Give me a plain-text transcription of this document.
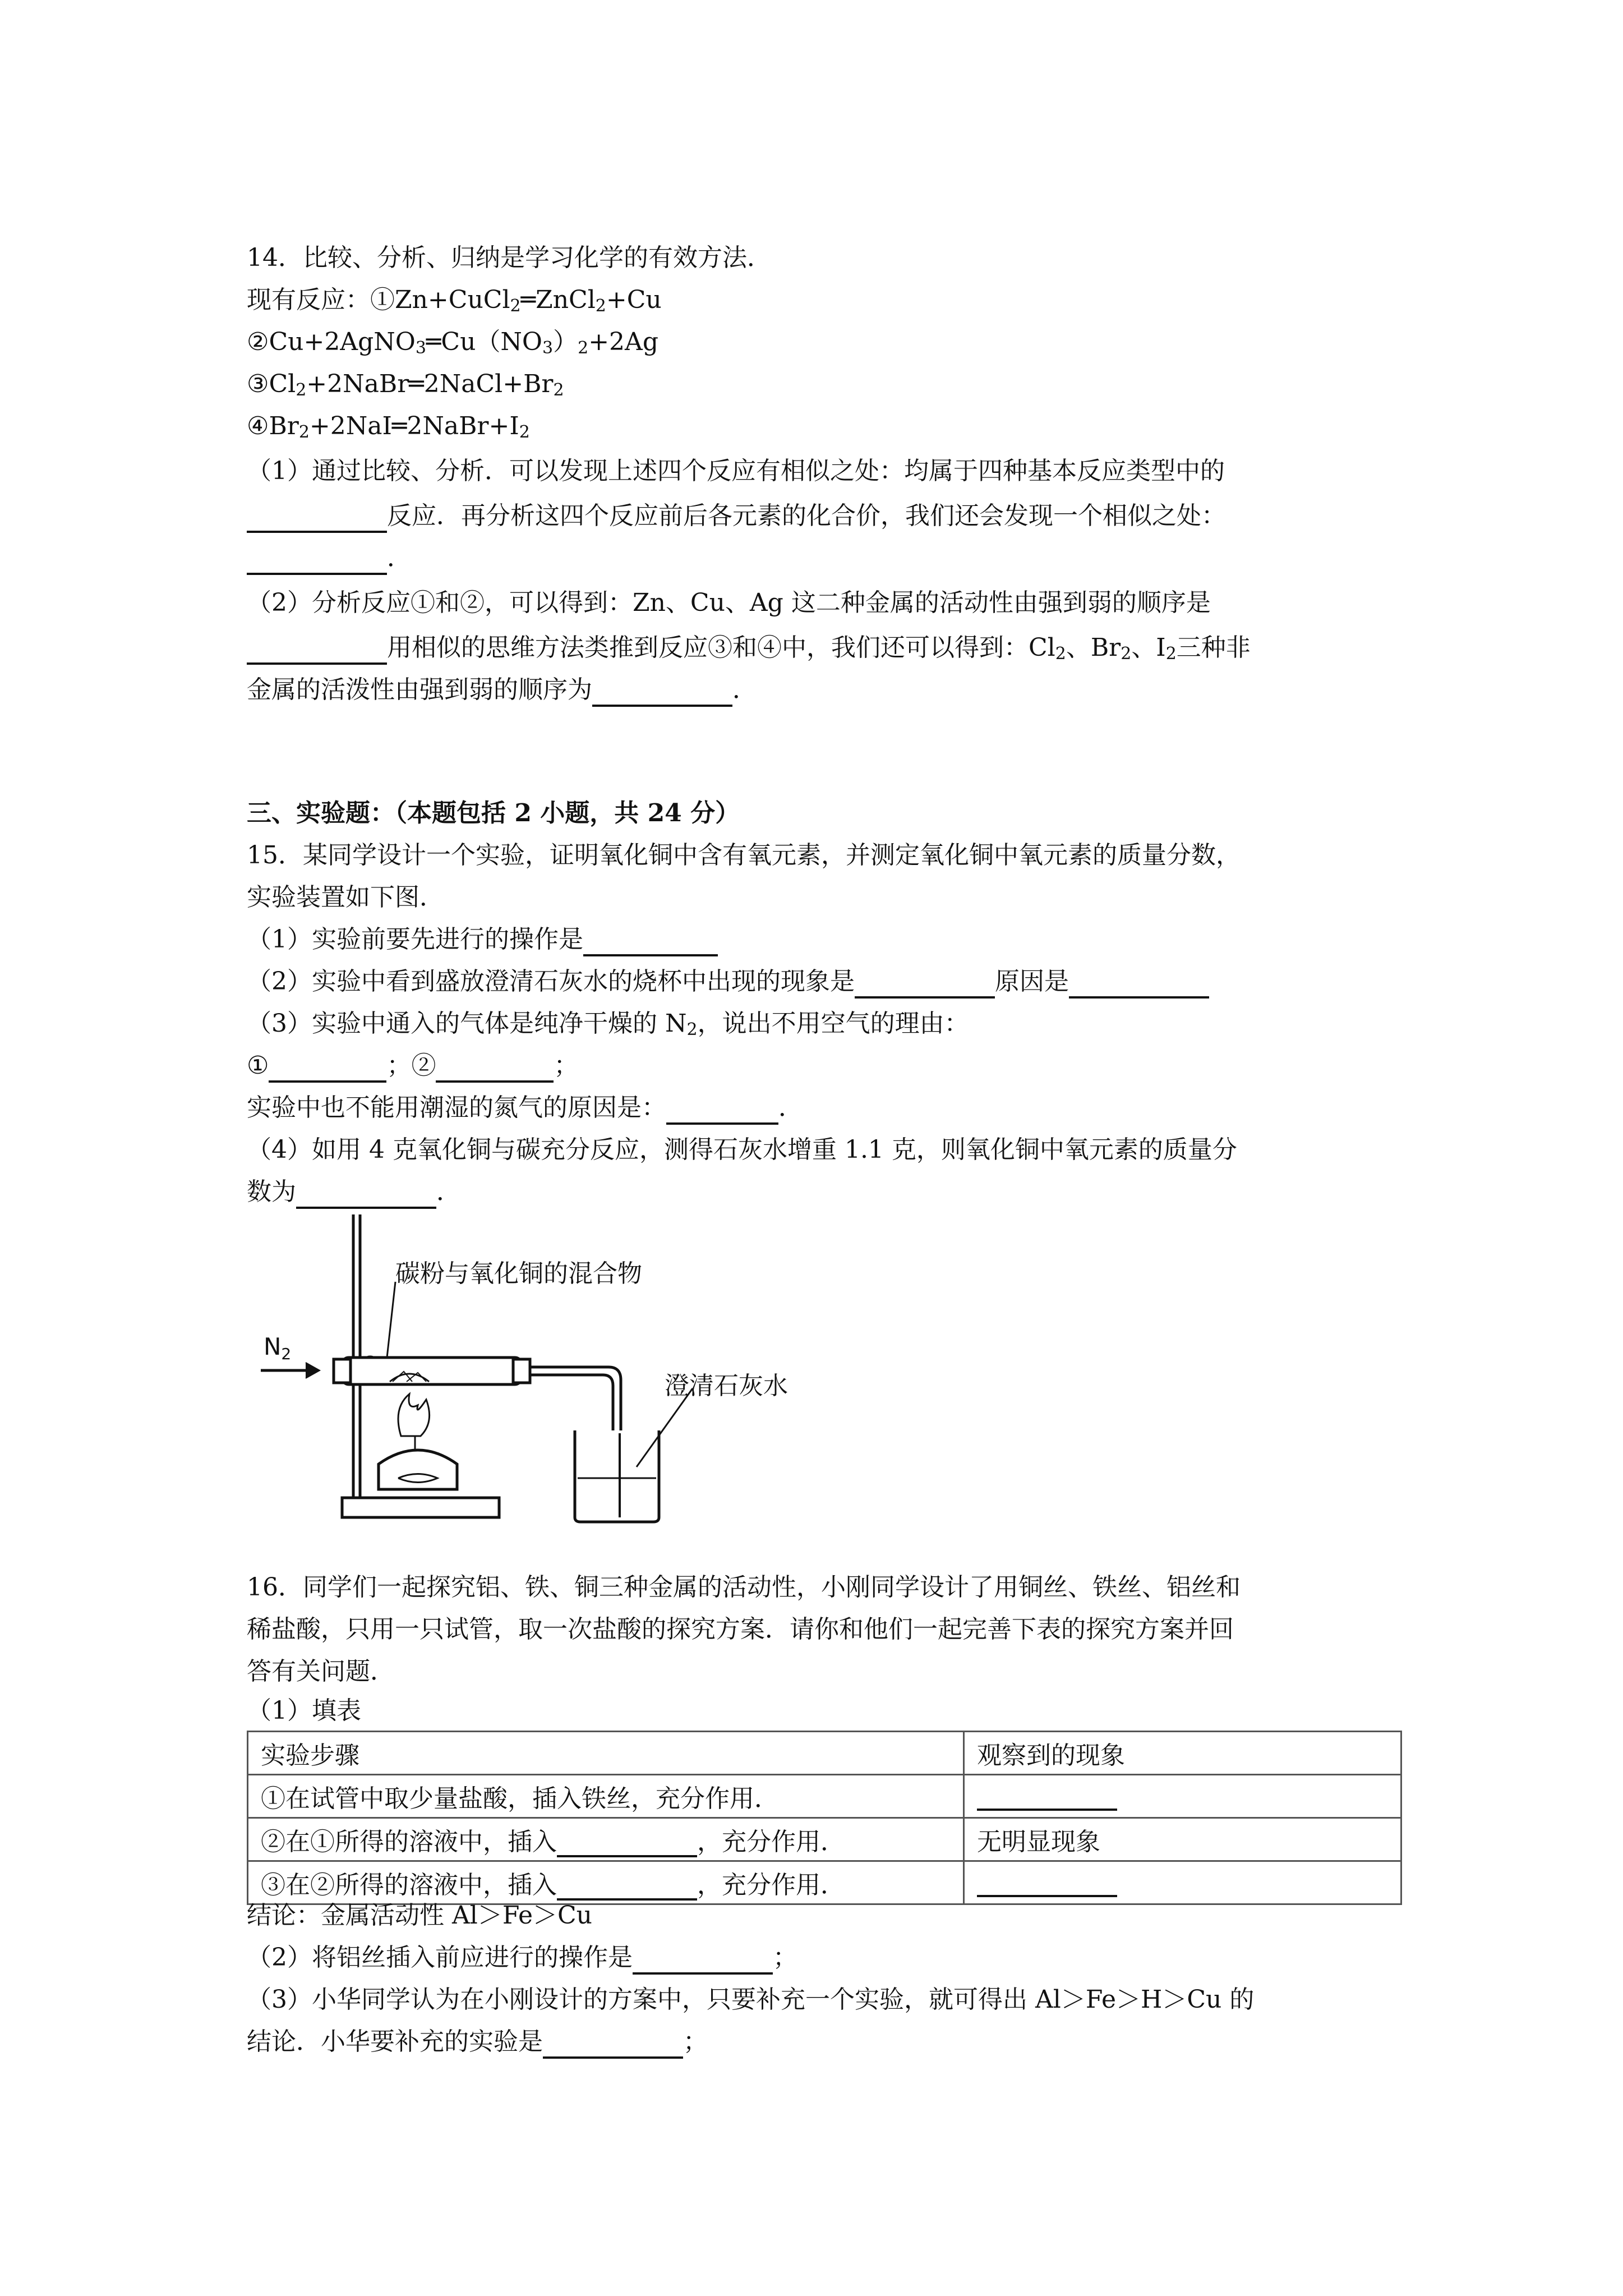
14．比较、分析、归纳是学习化学的有效方法．
现有反应：①Zn+CuCl$_2$═ZnCl$_2$+Cu
$②Cu+2AgNO_3═Cu(NO_3)_2+2Ag$
$③Cl_2+2NaBr═2NaCl+Br_2$
$④Br_2+2NaI═2NaBr+I_2$
（1）通过比较、分析．可以发现上述四个反应有相似之处：均属于四种基本反应类型中的
反应．再分析这四个反应前后各元素的化合价，我们还会发现一个相似之处：
．
（2）分析反应①和②，可以得到：Zn、Cu、Ag 这二种金属的活动性由强到弱的顺序是
用相似的思维方法类推到反应③和④中，我们还可以得到：$Cl_2$、$Br_2$、$I_2$三种非
金属的活泼性由强到弱的顺序为	．
三、实验题：（本题包括 2 小题，共 24 分）
15．某同学设计一个实验，证明氧化铜中含有氧元素，并测定氧化铜中氧元素的质量分数，
实验装置如下图．
（1）实验前要先进行的操作是
（2）实验中看到盛放澄清石灰水的烧杯中出现的现象是	原因是
（3）实验中通入的气体是纯净干燥的 $N_2$，说出不用空气的理由：
①	；②	；
实验中也不能用潮湿的氮气的原因是：	．
（4）如用 4 克氧化铜与碳充分反应，测得石灰水增重 1.1 克，则氧化铜中氧元素的质量分
数为	．
碳粉与氧化铜的混合物
N2
澄清石灰水
16．同学们一起探究铝、铁、铜三种金属的活动性，小刚同学设计了用铜丝、铁丝、铝丝和
稀盐酸，只用一只试管，取一次盐酸的探究方案．请你和他们一起完善下表的探究方案并回
答有关问题．
（1）填表
实验步骤	观察到的现象
①在试管中取少量盐酸，插入铁丝，充分作用．	
②在①所得的溶液中，插入 ，充分作用．	无明显现象
③在②所得的溶液中，插入 ，充分作用．	
结论：金属活动性 Al＞Fe＞Cu
（2）将铝丝插入前应进行的操作是	；
（3）小华同学认为在小刚设计的方案中，只要补充一个实验，就可得出 Al＞Fe＞H＞Cu 的
结论．小华要补充的实验是	；
